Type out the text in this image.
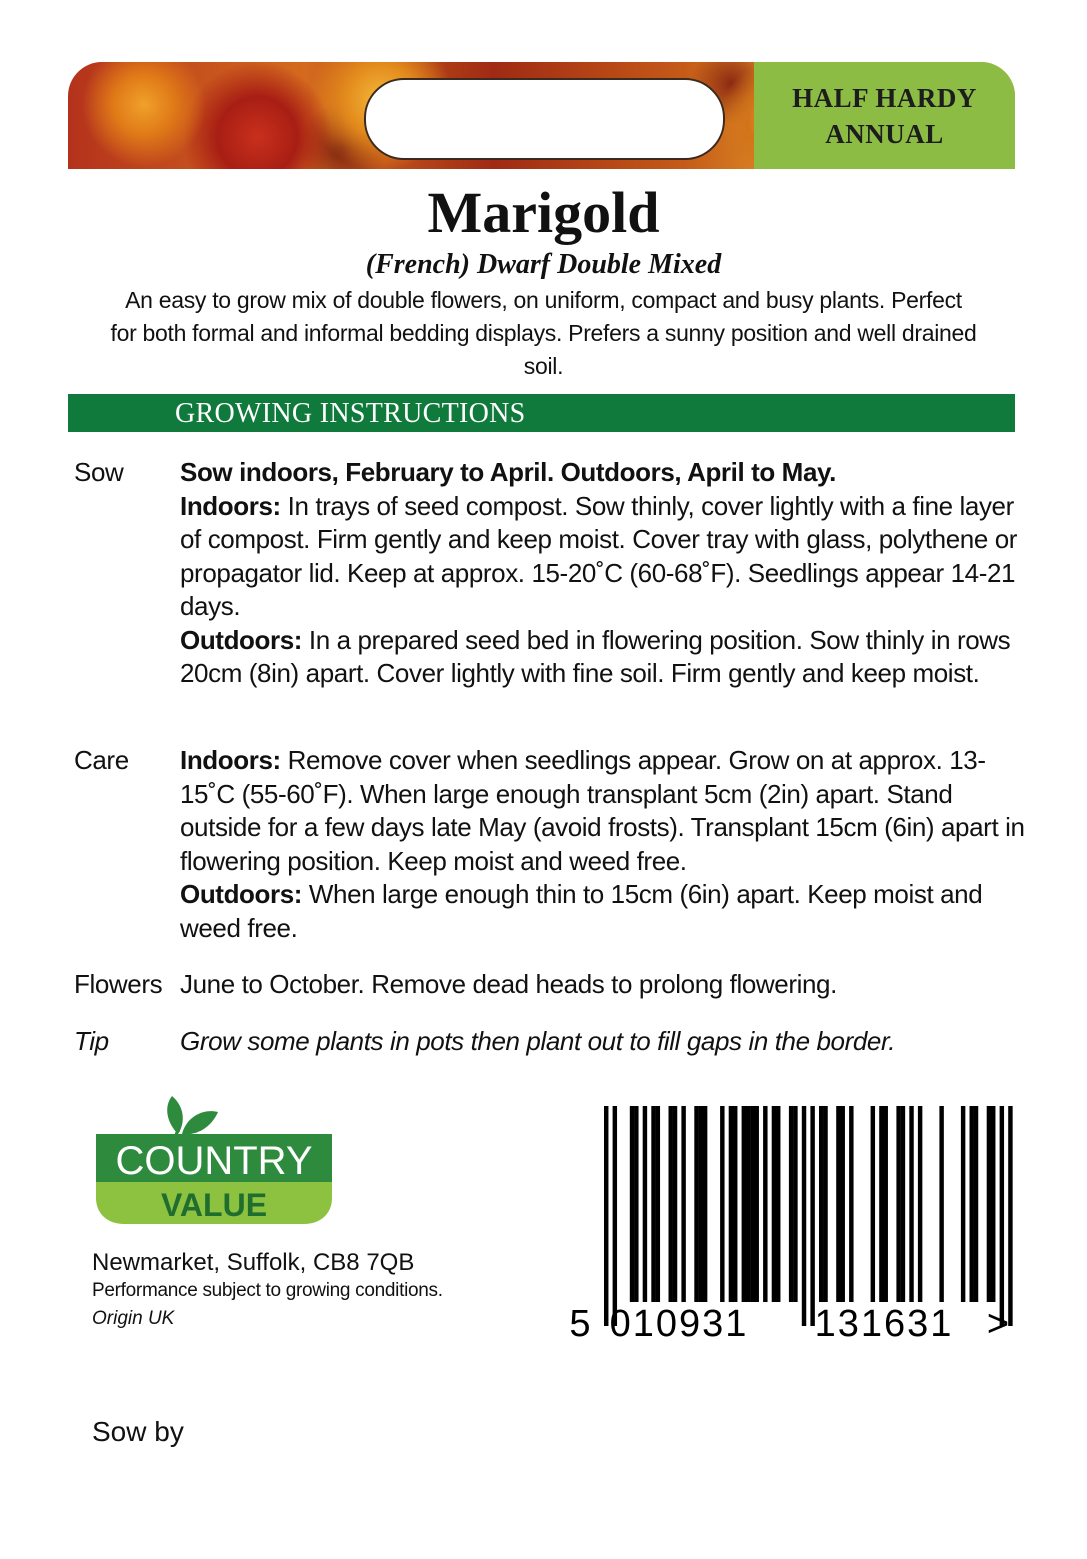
HALF HARDY
ANNUAL
Marigold
(French) Dwarf Double Mixed
An easy to grow mix of double flowers, on uniform, compact and busy plants. Perfect for both formal and informal bedding displays. Prefers a sunny position and well drained soil.
GROWING INSTRUCTIONS
Sow	Sow indoors, February to April. Outdoors, April to May.
Indoors: In trays of seed compost. Sow thinly, cover lightly with a fine layer of compost. Firm gently and keep moist. Cover tray with glass, polythene or propagator lid. Keep at approx. 15-20˚C (60-68˚F). Seedlings appear 14-21 days.
Outdoors: In a prepared seed bed in flowering position. Sow thinly in rows 20cm (8in) apart. Cover lightly with fine soil. Firm gently and keep moist.
Care	Indoors: Remove cover when seedlings appear. Grow on at approx. 13-15˚C (55-60˚F). When large enough transplant 5cm (2in) apart. Stand outside for a few days late May (avoid frosts). Transplant 15cm (6in) apart in flowering position. Keep moist and weed free.
Outdoors: When large enough thin to 15cm (6in) apart. Keep moist and weed free.
Flowers June to October. Remove dead heads to prolong flowering.
Tip	Grow some plants in pots then plant out to fill gaps in the border.
COUNTRY
VALUE
Newmarket, Suffolk, CB8 7QB
Performance subject to growing conditions.
Origin UK
Sow by
5 010931 131631 >
